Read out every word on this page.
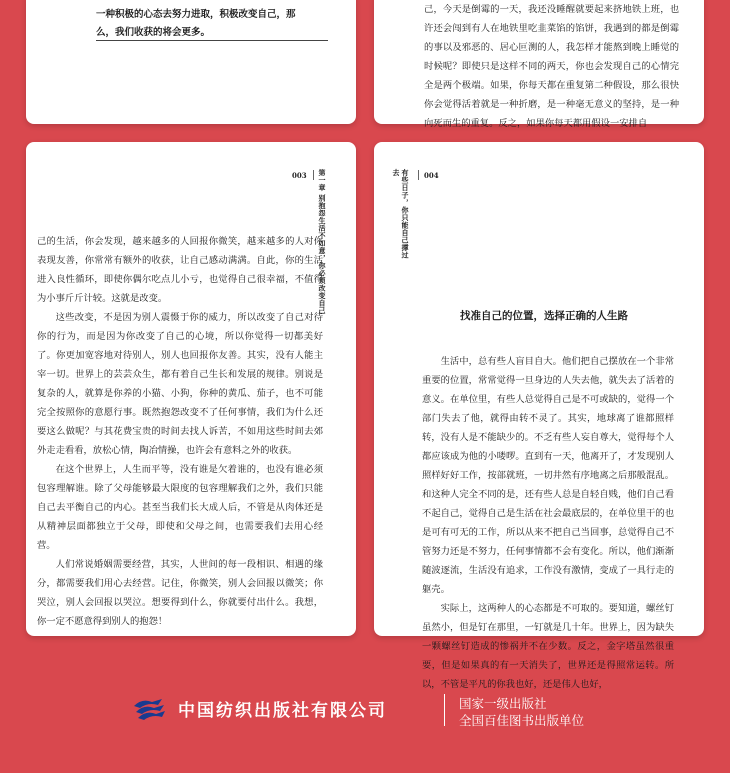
一种积极的心态去努力进取，积极改变自己，那么，我们收获的将会更多。

己，今天是倒霉的一天，我还没睡醒就要起来挤地铁上班，也许还会闯到有人在地铁里吃韭菜馅的馅饼，我遇到的都是倒霉的事以及邪恶的、居心叵测的人，我怎样才能熬到晚上睡觉的时候呢？即使只是这样不同的两天，你也会发现自己的心情完全是两个极端。如果，你每天都在重复第二种假设，那么很快你会觉得活着就是一种折磨，是一种毫无意义的坚持，是一种向死而生的重复。反之，如果你每天都用假设一安排自

003 第一章 别抱怨生活不如意，你必须改变自己

己的生活，你会发现，越来越多的人回报你微笑，越来越多的人对你表现友善，你常常有额外的收获，让自己感动满满。自此，你的生活进入良性循环，即使你偶尔吃点儿小亏，也觉得自己很幸福，不值得为小事斤斤计较。这就是改变。

这些改变，不是因为别人震慑于你的威力，所以改变了自己对待你的行为，而是因为你改变了自己的心境，所以你觉得一切都美好了。你更加宽容地对待别人，别人也回报你友善。其实，没有人能主宰一切。世界上的芸芸众生，都有着自己生长和发展的规律。别说是复杂的人，就算是你养的小猫、小狗，你种的黄瓜、茄子，也不可能完全按照你的意愿行事。既然抱怨改变不了任何事情，我们为什么还要这么做呢？与其花费宝贵的时间去找人诉苦，不如用这些时间去郊外走走看看，放松心情，陶冶情操，也许会有意料之外的收获。

在这个世界上，人生而平等，没有谁是欠着谁的，也没有谁必须包容理解谁。除了父母能够最大限度的包容理解我们之外，我们只能自己去平衡自己的内心。甚至当我们长大成人后，不管是从肉体还是从精神层面都独立于父母，即使和父母之间，也需要我们去用心经营。

人们常说婚姻需要经营，其实，人世间的每一段相识、相遇的缘分，都需要我们用心去经营。记住，你微笑，别人会回报以微笑；你哭泣，别人会回报以哭泣。想要得到什么，你就要付出什么。我想，你一定不愿意得到别人的抱怨！

有些日子，你只能自己撑过去	004
找准自己的位置，选择正确的人生路

生活中，总有些人盲目自大。他们把自己摆放在一个非常重要的位置，常常觉得一旦身边的人失去他，就失去了活着的意义。在单位里，有些人总觉得自己是不可或缺的，觉得一个部门失去了他，就得由转不灵了。其实，地球离了谁都照样转，没有人是不能缺少的。不乏有些人妄自尊大，觉得每个人都应该成为他的小喽啰。直到有一天，他离开了，才发现别人照样好好工作，按部就班，一切井然有序地离之后那般混乱。和这种人完全不同的是，还有些人总是自轻自贱，他们自己看不起自己，觉得自己是生活在社会最底层的，在单位里干的也是可有可无的工作，所以从来不把自己当回事，总觉得自己不管努力还是不努力，任何事情都不会有变化。所以，他们渐渐随波逐流，生活没有追求，工作没有激情，变成了一具行走的躯壳。

实际上，这两种人的心态都是不可取的。要知道，螺丝钉虽然小，但是钉在那里，一钉就是几十年。世界上，因为缺失一颗螺丝钉造成的惨祸并不在少数。反之，金字塔虽然很重要，但是如果真的有一天消失了，世界还是得照常运转。所以，不管是平凡的你我也好，还是伟人也好，

中国纺织出版社有限公司	国家一级出版社
全国百佳图书出版单位
